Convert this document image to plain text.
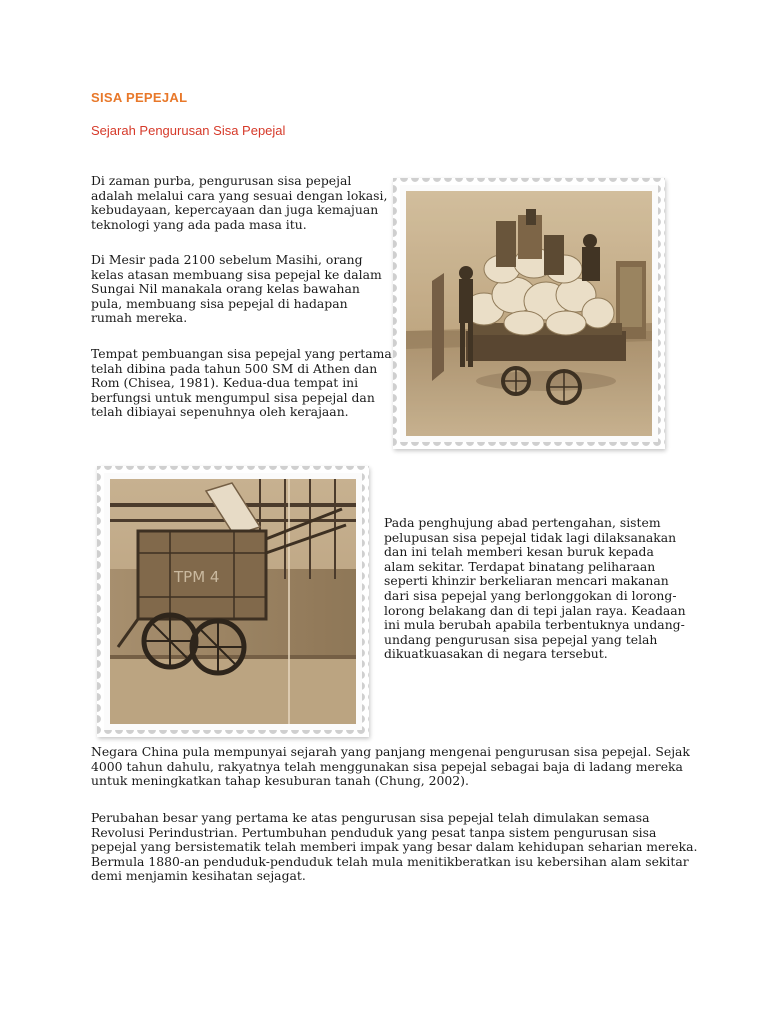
SISA PEPEJAL
Sejarah Pengurusan Sisa Pepejal

Di zaman purba, pengurusan sisa pepejal
adalah melalui cara yang sesuai dengan lokasi,
kebudayaan, kepercayaan dan juga kemajuan
teknologi yang ada pada masa itu.

Di Mesir pada 2100 sebelum Masihi, orang
kelas atasan membuang sisa pepejal ke dalam
Sungai Nil manakala orang kelas bawahan
pula, membuang sisa pepejal di hadapan
rumah mereka.

Tempat pembuangan sisa pepejal yang pertama
telah dibina pada tahun 500 SM di Athen dan
Rom (Chisea, 1981). Kedua-dua tempat ini
berfungsi untuk mengumpul sisa pepejal dan
telah dibiayai sepenuhnya oleh kerajaan.

TPM 4

Pada penghujung abad pertengahan, sistem
pelupusan sisa pepejal tidak lagi dilaksanakan
dan ini telah memberi kesan buruk kepada
alam sekitar. Terdapat binatang peliharaan
seperti khinzir berkeliaran mencari makanan
dari sisa pepejal yang berlonggokan di lorong-
lorong belakang dan di tepi jalan raya. Keadaan
ini mula berubah apabila terbentuknya undang-
undang pengurusan sisa pepejal yang telah
dikuatkuasakan di negara tersebut.

Negara China pula mempunyai sejarah yang panjang mengenai pengurusan sisa pepejal. Sejak
4000 tahun dahulu, rakyatnya telah menggunakan sisa pepejal sebagai baja di ladang mereka
untuk meningkatkan tahap kesuburan tanah (Chung, 2002).

Perubahan besar yang pertama ke atas pengurusan sisa pepejal telah dimulakan semasa
Revolusi Perindustrian. Pertumbuhan penduduk yang pesat tanpa sistem pengurusan sisa
pepejal yang bersistematik telah memberi impak yang besar dalam kehidupan seharian mereka.
Bermula 1880-an penduduk-penduduk telah mula menitikberatkan isu kebersihan alam sekitar
demi menjamin kesihatan sejagat.
